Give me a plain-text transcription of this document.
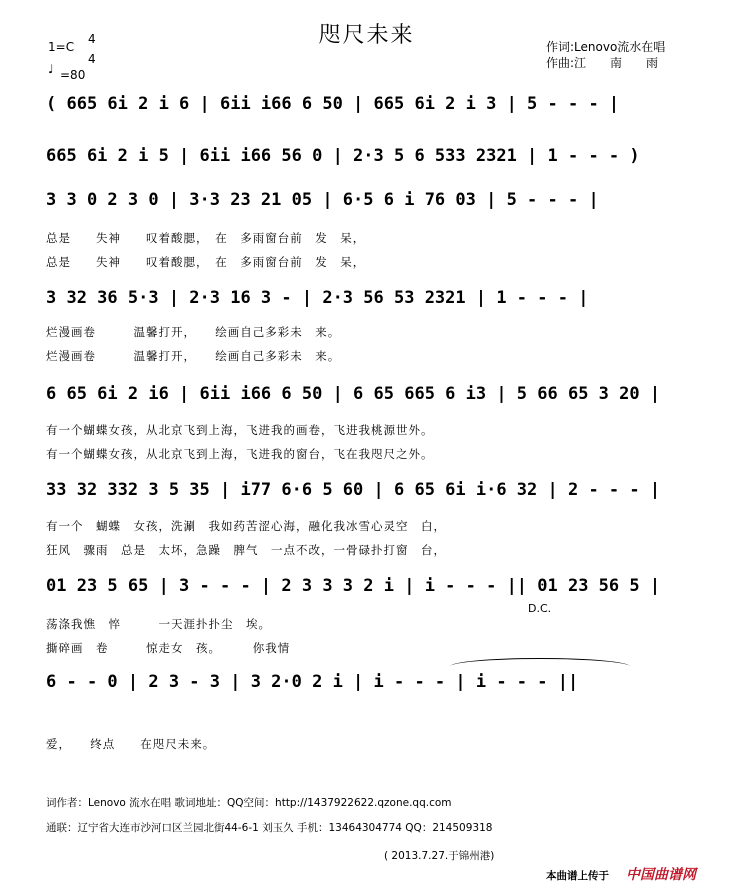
咫尺未来
1=C
4
4
♩ =80
作词:Lenovo流水在唱
作曲:江　　南　　雨
( 665 6i 2 i 6 | 6ii i66 6 50 | 665 6i 2 i 3 | 5 - - - |
665 6i 2 i 5 | 6ii i66 56 0 | 2·3 5 6 533 2321 | 1 - - - )
3 3 0 2 3 0 | 3·3 23 21 05 | 6·5 6 i 76 03 | 5 - - - |
总是　　失神　　叹着酸腮，　在　多雨窗台前　发　呆，
总是　　失神　　叹着酸腮，　在　多雨窗台前　发　呆，
3 32 36 5·3 | 2·3 16 3 - | 2·3 56 53 2321 | 1 - - - |
烂漫画卷　　　温馨打开，　　绘画自己多彩未　来。
烂漫画卷　　　温馨打开，　　绘画自己多彩未　来。
6 65 6i 2 i6 | 6ii i66 6 50 | 6 65 665 6 i3 | 5 66 65 3 20 |
有一个蝴蝶女孩，从北京飞到上海，飞进我的画卷，飞进我桃源世外。
有一个蝴蝶女孩，从北京飞到上海，飞进我的窗台，飞在我咫尺之外。
33 32 332 3 5 35 | i77 6·6 5 60 | 6 65 6i i·6 32 | 2 - - - |
有一个　蝴蝶　女孩，洗涮　我如药苦涩心海，融化我冰雪心灵空　白，
狂风　骤雨　总是　太坏，急躁　脾气　一点不改，一骨碌扑打窗　台，
01 23 5 65 | 3 - - - | 2 3 3 3 2 i | i - - - || 01 23 56 5 |
D.C.
荡涤我憔　悴　　　一天涯扑扑尘　埃。
撕碎画　卷　　　惊走女　孩。　　　你我情
6 - - 0 | 2 3 - 3 | 3 2·0 2 i | i - - - | i - - - ||
爱，　　终点　　在咫尺未来。
词作者：Lenovo 流水在唱 歌词地址：QQ空间：http://1437922622.qzone.qq.com
通联：辽宁省大连市沙河口区兰园北街44-6-1 刘玉久 手机：13464304774 QQ：214509318
( 2013.7.27.于锦州港)
本曲谱上传于 中国曲谱网
